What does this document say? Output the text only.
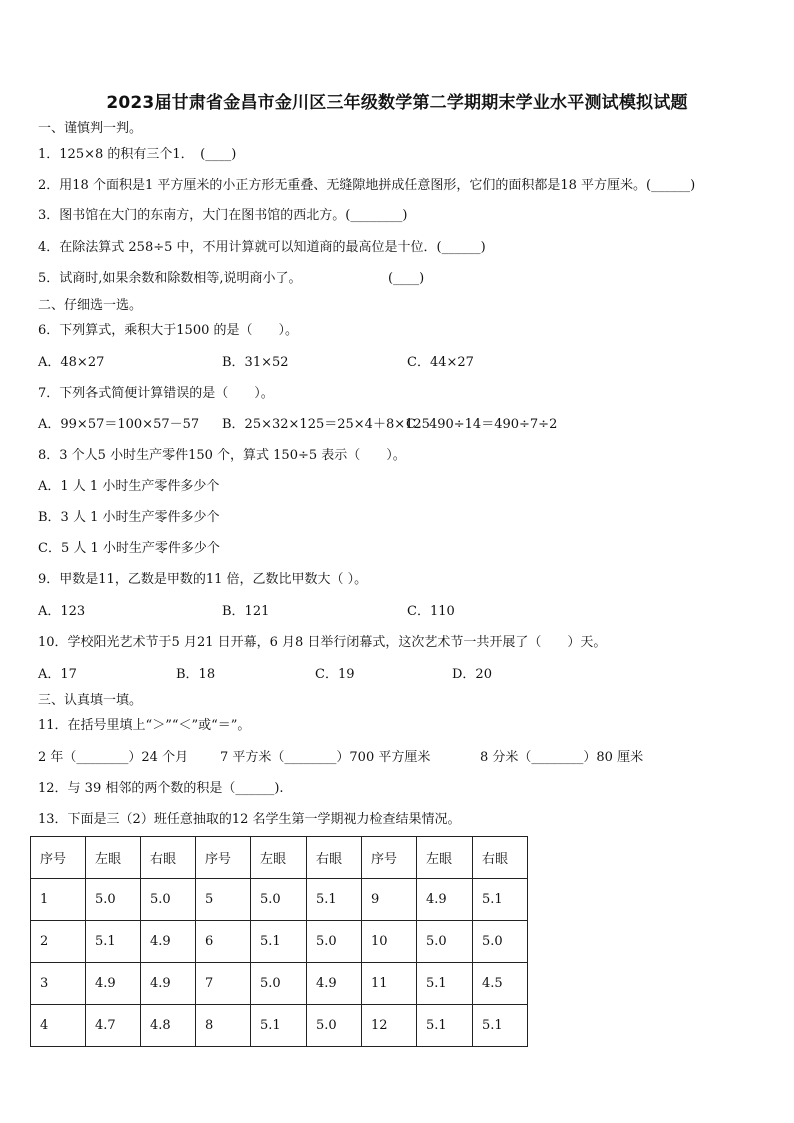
2023届甘肃省金昌市金川区三年级数学第二学期期末学业水平测试模拟试题
一、谨慎判一判。
1．125×8 的积有三个1．　(____)
2．用18 个面积是1 平方厘米的小正方形无重叠、无缝隙地拼成任意图形，它们的面积都是18 平方厘米。(______)
3．图书馆在大门的东南方，大门在图书馆的西北方。(________)
4．在除法算式 258÷5 中，不用计算就可以知道商的最高位是十位．(______)
5．试商时,如果余数和除数相等,说明商小了。	(____)
二、仔细选一选。
6．下列算式，乘积大于1500 的是（　　）。
A．48×27	B．31×52	C．44×27
7．下列各式简便计算错误的是（　　）。
A．99×57＝100×57－57 B．25×32×125＝25×4＋8×125
C．490÷14＝490÷7÷2
8．3 个人5 小时生产零件150 个，算式 150÷5 表示（　　）。
A．1 人 1 小时生产零件多少个
B．3 人 1 小时生产零件多少个
C．5 人 1 小时生产零件多少个
9．甲数是11，乙数是甲数的11 倍，乙数比甲数大（ ）。
A．123	B．121	C．110
10．学校阳光艺术节于5 月21 日开幕，6 月8 日举行闭幕式，这次艺术节一共开展了（　　）天。
A．17	B．18	C．19	D．20
三、认真填一填。
11．在括号里填上“＞”“＜”或“＝”。
2 年（________）24 个月 7 平方米（________）700 平方厘米	8 分米（________）80 厘米
12．与 39 相邻的两个数的积是（______).
13．下面是三（2）班任意抽取的12 名学生第一学期视力检查结果情况。
序号	左眼	右眼	序号	左眼	右眼	序号	左眼	右眼
1	5.0	5.0	5	5.0	5.1	9	4.9	5.1
2	5.1	4.9	6	5.1	5.0	10	5.0	5.0
3	4.9	4.9	7	5.0	4.9	11	5.1	4.5
4	4.7	4.8	8	5.1	5.0	12	5.1	5.1
